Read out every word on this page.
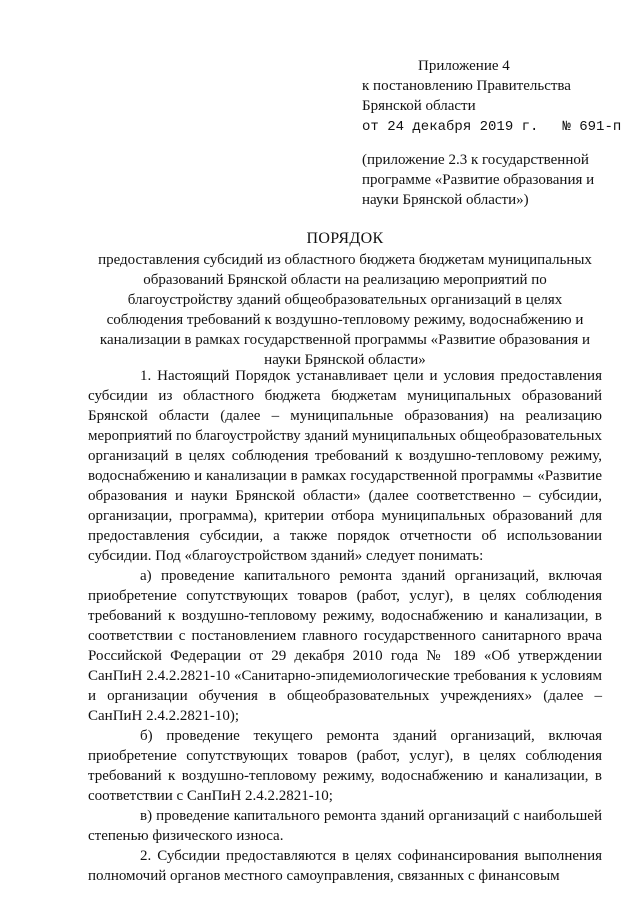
Приложение 4
к постановлению Правительства
Брянской области
от 24 декабря 2019 г. № 691-п
(приложение 2.3 к государственной программе «Развитие образования и науки Брянской области»)
ПОРЯДОК
предоставления субсидий из областного бюджета бюджетам муниципальных образований Брянской области на реализацию мероприятий по благоустройству зданий общеобразовательных организаций в целях соблюдения требований к воздушно-тепловому режиму, водоснабжению и канализации в рамках государственной программы «Развитие образования и науки Брянской области»

1. Настоящий Порядок устанавливает цели и условия предоставления субсидии из областного бюджета бюджетам муниципальных образований Брянской области (далее – муниципальные образования) на реализацию мероприятий по благоустройству зданий муниципальных общеобразовательных организаций в целях соблюдения требований к воздушно-тепловому режиму, водоснабжению и канализации в рамках государственной программы «Развитие образования и науки Брянской области» (далее соответственно – субсидии, организации, программа), критерии отбора муниципальных образований для предоставления субсидии, а также порядок отчетности об использовании субсидии. Под «благоустройством зданий» следует понимать:

а) проведение капитального ремонта зданий организаций, включая приобретение сопутствующих товаров (работ, услуг), в целях соблюдения требований к воздушно-тепловому режиму, водоснабжению и канализации, в соответствии с постановлением главного государственного санитарного врача Российской Федерации от 29 декабря 2010 года № 189 «Об утверждении СанПиН 2.4.2.2821-10 «Санитарно-эпидемиологические требования к условиям и организации обучения в общеобразовательных учреждениях» (далее – СанПиН 2.4.2.2821-10);

б) проведение текущего ремонта зданий организаций, включая приобретение сопутствующих товаров (работ, услуг), в целях соблюдения требований к воздушно-тепловому режиму, водоснабжению и канализации, в соответствии с СанПиН 2.4.2.2821-10;

в) проведение капитального ремонта зданий организаций с наибольшей степенью физического износа.

2. Субсидии предоставляются в целях софинансирования выполнения полномочий органов местного самоуправления, связанных с финансовым
